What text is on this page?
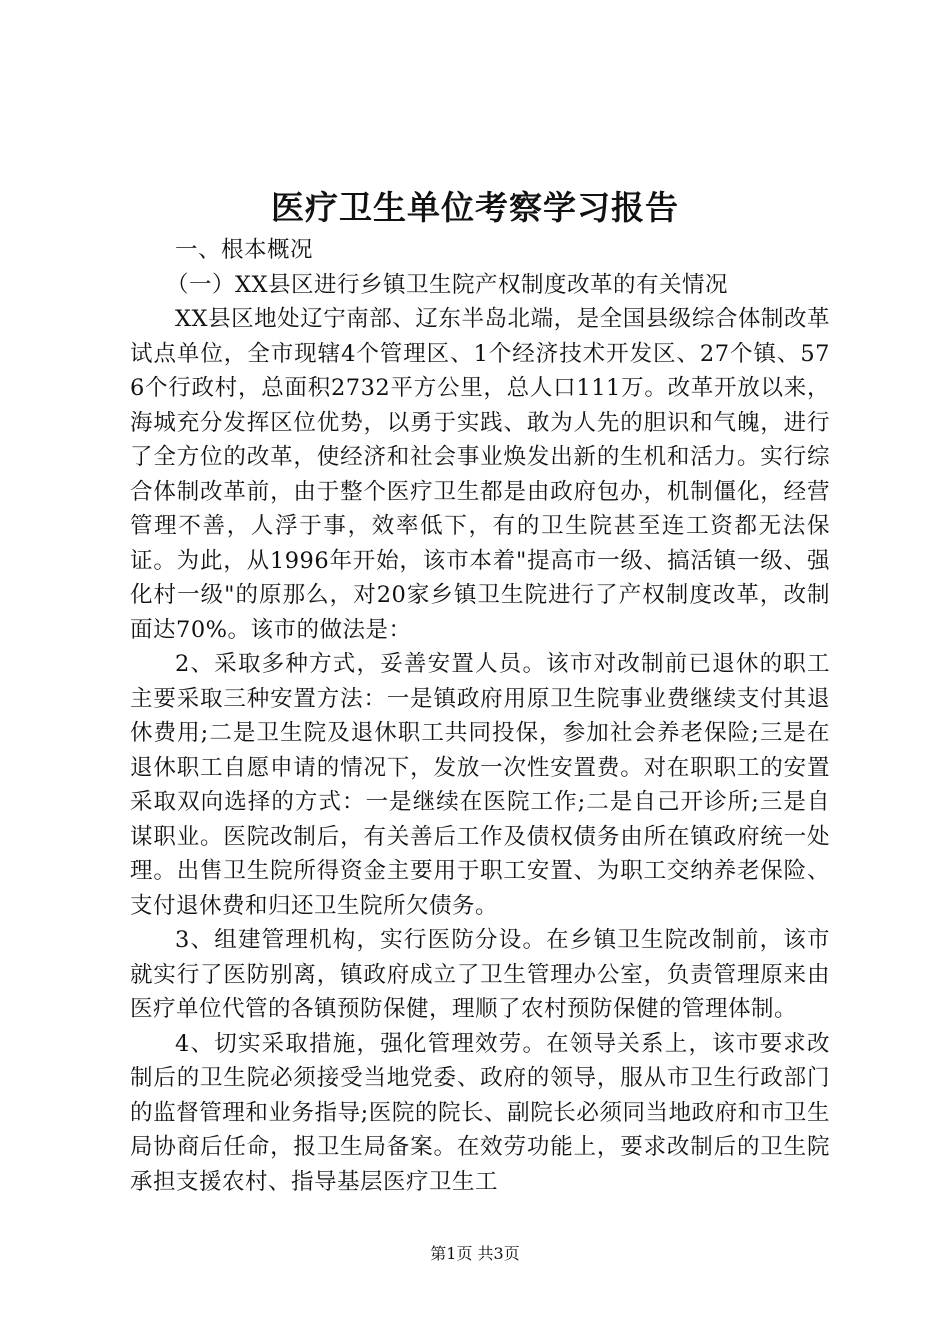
医疗卫生单位考察学习报告

一、根本概况

（一）XX县区进行乡镇卫生院产权制度改革的有关情况

XX县区地处辽宁南部、辽东半岛北端，是全国县级综合体制改革试点单位，全市现辖4个管理区、1个经济技术开发区、27个镇、576个行政村，总面积2732平方公里，总人口111万。改革开放以来，海城充分发挥区位优势，以勇于实践、敢为人先的胆识和气魄，进行了全方位的改革，使经济和社会事业焕发出新的生机和活力。实行综合体制改革前，由于整个医疗卫生都是由政府包办，机制僵化，经营管理不善，人浮于事，效率低下，有的卫生院甚至连工资都无法保证。为此，从1996年开始，该市本着"提高市一级、搞活镇一级、强化村一级"的原那么，对20家乡镇卫生院进行了产权制度改革，改制面达70%。该市的做法是：

2、采取多种方式，妥善安置人员。该市对改制前已退休的职工主要采取三种安置方法：一是镇政府用原卫生院事业费继续支付其退休费用;二是卫生院及退休职工共同投保，参加社会养老保险;三是在退休职工自愿申请的情况下，发放一次性安置费。对在职职工的安置采取双向选择的方式：一是继续在医院工作;二是自己开诊所;三是自谋职业。医院改制后，有关善后工作及债权债务由所在镇政府统一处理。出售卫生院所得资金主要用于职工安置、为职工交纳养老保险、支付退休费和归还卫生院所欠债务。

3、组建管理机构，实行医防分设。在乡镇卫生院改制前，该市就实行了医防别离，镇政府成立了卫生管理办公室，负责管理原来由医疗单位代管的各镇预防保健，理顺了农村预防保健的管理体制。

4、切实采取措施，强化管理效劳。在领导关系上，该市要求改制后的卫生院必须接受当地党委、政府的领导，服从市卫生行政部门的监督管理和业务指导;医院的院长、副院长必须同当地政府和市卫生局协商后任命，报卫生局备案。在效劳功能上，要求改制后的卫生院承担支援农村、指导基层医疗卫生工

第1页 共3页
